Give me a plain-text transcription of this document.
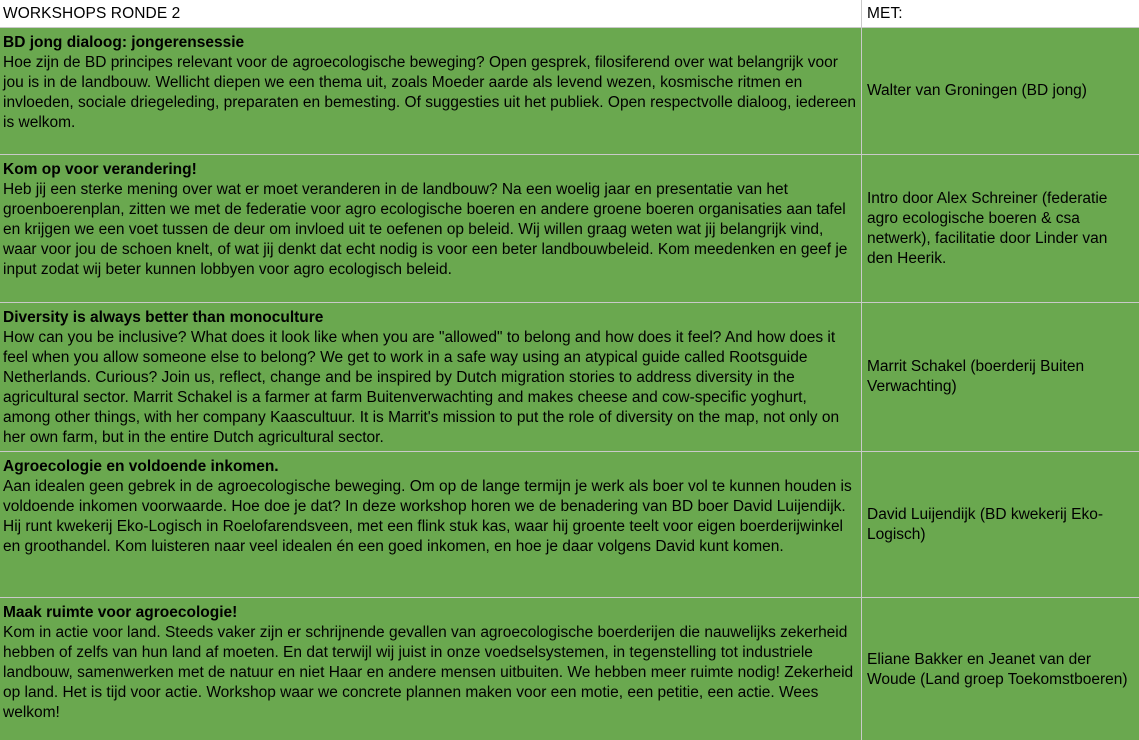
WORKSHOPS RONDE 2	MET:
BD jong dialoog: jongerensessie
Hoe zijn de BD principes relevant voor de agroecologische beweging? Open gesprek, filosiferend over wat belangrijk voor jou is in de landbouw. Wellicht diepen we een thema uit, zoals Moeder aarde als levend wezen, kosmische ritmen en invloeden, sociale driegeleding, preparaten en bemesting. Of suggesties uit het publiek. Open respectvolle dialoog, iedereen is welkom.
Walter van Groningen (BD jong)
Kom op voor verandering!
Heb jij een sterke mening over wat er moet veranderen in de landbouw? Na een woelig jaar en presentatie van het groenboerenplan, zitten we met de federatie voor agro ecologische boeren en andere groene boeren organisaties aan tafel en krijgen we een voet tussen de deur om invloed uit te oefenen op beleid. Wij willen graag weten wat jij belangrijk vind, waar voor jou de schoen knelt, of wat jij denkt dat echt nodig is voor een beter landbouwbeleid. Kom meedenken en geef je input zodat wij beter kunnen lobbyen voor agro ecologisch beleid.
Intro door Alex Schreiner (federatie agro ecologische boeren & csa netwerk), facilitatie door Linder van den Heerik.
Diversity is always better than monoculture
How can you be inclusive? What does it look like when you are "allowed" to belong and how does it feel? And how does it feel when you allow someone else to belong? We get to work in a safe way using an atypical guide called Rootsguide Netherlands. Curious? Join us, reflect, change and be inspired by Dutch migration stories to address diversity in the agricultural sector. Marrit Schakel is a farmer at farm Buitenverwachting and makes cheese and cow-specific yoghurt, among other things, with her company Kaascultuur. It is Marrit's mission to put the role of diversity on the map, not only on her own farm, but in the entire Dutch agricultural sector.
Marrit Schakel (boerderij Buiten Verwachting)
Agroecologie en voldoende inkomen.
Aan idealen geen gebrek in de agroecologische beweging. Om op de lange termijn je werk als boer vol te kunnen houden is voldoende inkomen voorwaarde. Hoe doe je dat? In deze workshop horen we de benadering van BD boer David Luijendijk. Hij runt kwekerij Eko-Logisch in Roelofarendsveen, met een flink stuk kas, waar hij groente teelt voor eigen boerderijwinkel en groothandel. Kom luisteren naar veel idealen én een goed inkomen, en hoe je daar volgens David kunt komen.
David Luijendijk (BD kwekerij Eko-Logisch)
Maak ruimte voor agroecologie!
Kom in actie voor land. Steeds vaker zijn er schrijnende gevallen van agroecologische boerderijen die nauwelijks zekerheid hebben of zelfs van hun land af moeten. En dat terwijl wij juist in onze voedselsystemen, in tegenstelling tot industriele landbouw, samenwerken met de natuur en niet Haar en andere mensen uitbuiten. We hebben meer ruimte nodig! Zekerheid op land. Het is tijd voor actie. Workshop waar we concrete plannen maken voor een motie, een petitie, een actie. Wees welkom!
Eliane Bakker en Jeanet van der Woude (Land groep Toekomstboeren)
